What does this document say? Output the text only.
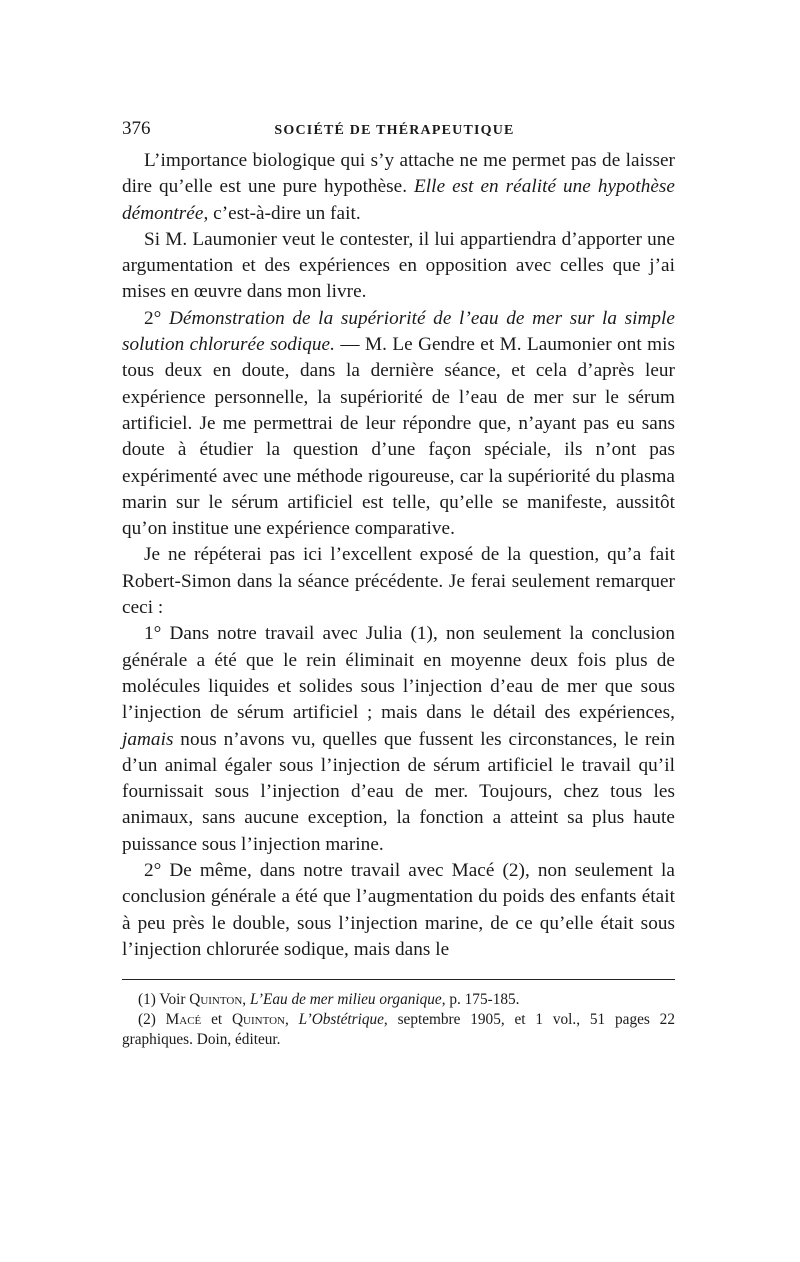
376	SOCIÉTÉ DE THÉRAPEUTIQUE

L’importance biologique qui s’y attache ne me permet pas de laisser dire qu’elle est une pure hypothèse. Elle est en réalité une hypothèse démontrée, c’est-à-dire un fait.

Si M. Laumonier veut le contester, il lui appartiendra d’apporter une argumentation et des expériences en opposition avec celles que j’ai mises en œuvre dans mon livre.

2° Démonstration de la supériorité de l’eau de mer sur la simple solution chlorurée sodique. — M. Le Gendre et M. Laumonier ont mis tous deux en doute, dans la dernière séance, et cela d’après leur expérience personnelle, la supériorité de l’eau de mer sur le sérum artificiel. Je me permettrai de leur répondre que, n’ayant pas eu sans doute à étudier la question d’une façon spéciale, ils n’ont pas expérimenté avec une méthode rigoureuse, car la supériorité du plasma marin sur le sérum artificiel est telle, qu’elle se manifeste, aussitôt qu’on institue une expérience comparative.

Je ne répéterai pas ici l’excellent exposé de la question, qu’a fait Robert-Simon dans la séance précédente. Je ferai seulement remarquer ceci :

1° Dans notre travail avec Julia (1), non seulement la conclusion générale a été que le rein éliminait en moyenne deux fois plus de molécules liquides et solides sous l’injection d’eau de mer que sous l’injection de sérum artificiel ; mais dans le détail des expériences, jamais nous n’avons vu, quelles que fussent les circonstances, le rein d’un animal égaler sous l’injection de sérum artificiel le travail qu’il fournissait sous l’injection d’eau de mer. Toujours, chez tous les animaux, sans aucune exception, la fonction a atteint sa plus haute puissance sous l’injection marine.

2° De même, dans notre travail avec Macé (2), non seulement la conclusion générale a été que l’augmentation du poids des enfants était à peu près le double, sous l’injection marine, de ce qu’elle était sous l’injection chlorurée sodique, mais dans le

(1) Voir Quinton, L’Eau de mer milieu organique, p. 175-185.

(2) Macé et Quinton, L’Obstétrique, septembre 1905, et 1 vol., 51 pages 22 graphiques. Doin, éditeur.
